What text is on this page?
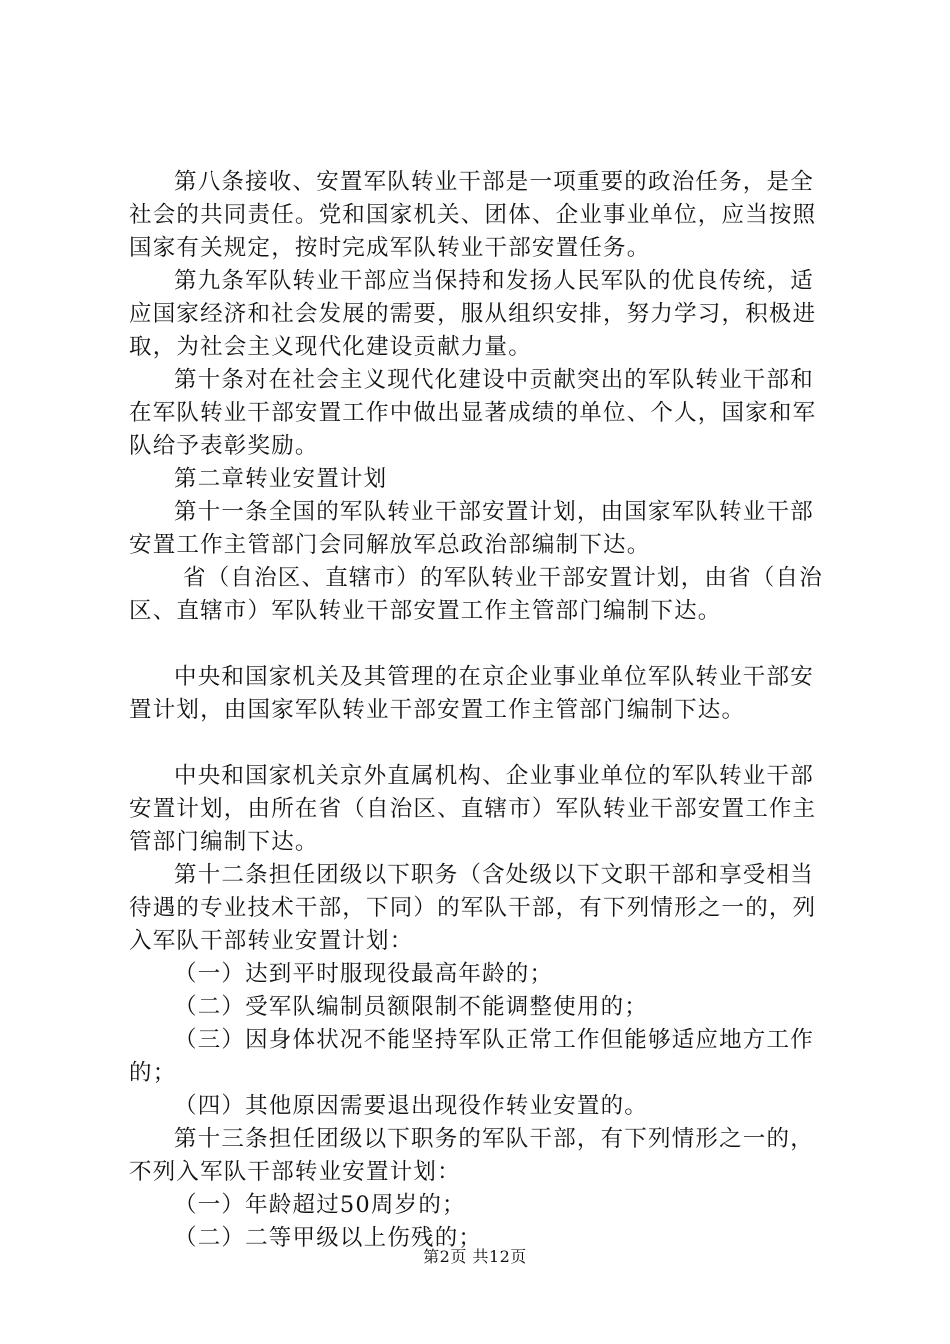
第八条接收、安置军队转业干部是一项重要的政治任务，是全社会的共同责任。党和国家机关、团体、企业事业单位，应当按照国家有关规定，按时完成军队转业干部安置任务。

第九条军队转业干部应当保持和发扬人民军队的优良传统，适应国家经济和社会发展的需要，服从组织安排，努力学习，积极进取，为社会主义现代化建设贡献力量。

第十条对在社会主义现代化建设中贡献突出的军队转业干部和在军队转业干部安置工作中做出显著成绩的单位、个人，国家和军队给予表彰奖励。

第二章转业安置计划

第十一条全国的军队转业干部安置计划，由国家军队转业干部安置工作主管部门会同解放军总政治部编制下达。

省（自治区、直辖市）的军队转业干部安置计划，由省（自治区、直辖市）军队转业干部安置工作主管部门编制下达。

中央和国家机关及其管理的在京企业事业单位军队转业干部安置计划，由国家军队转业干部安置工作主管部门编制下达。

中央和国家机关京外直属机构、企业事业单位的军队转业干部安置计划，由所在省（自治区、直辖市）军队转业干部安置工作主管部门编制下达。

第十二条担任团级以下职务（含处级以下文职干部和享受相当待遇的专业技术干部，下同）的军队干部，有下列情形之一的，列入军队干部转业安置计划：

（一）达到平时服现役最高年龄的；

（二）受军队编制员额限制不能调整使用的；

（三）因身体状况不能坚持军队正常工作但能够适应地方工作的；

（四）其他原因需要退出现役作转业安置的。

第十三条担任团级以下职务的军队干部，有下列情形之一的，不列入军队干部转业安置计划：

（一）年龄超过50周岁的；

（二）二等甲级以上伤残的；

第2页 共12页
